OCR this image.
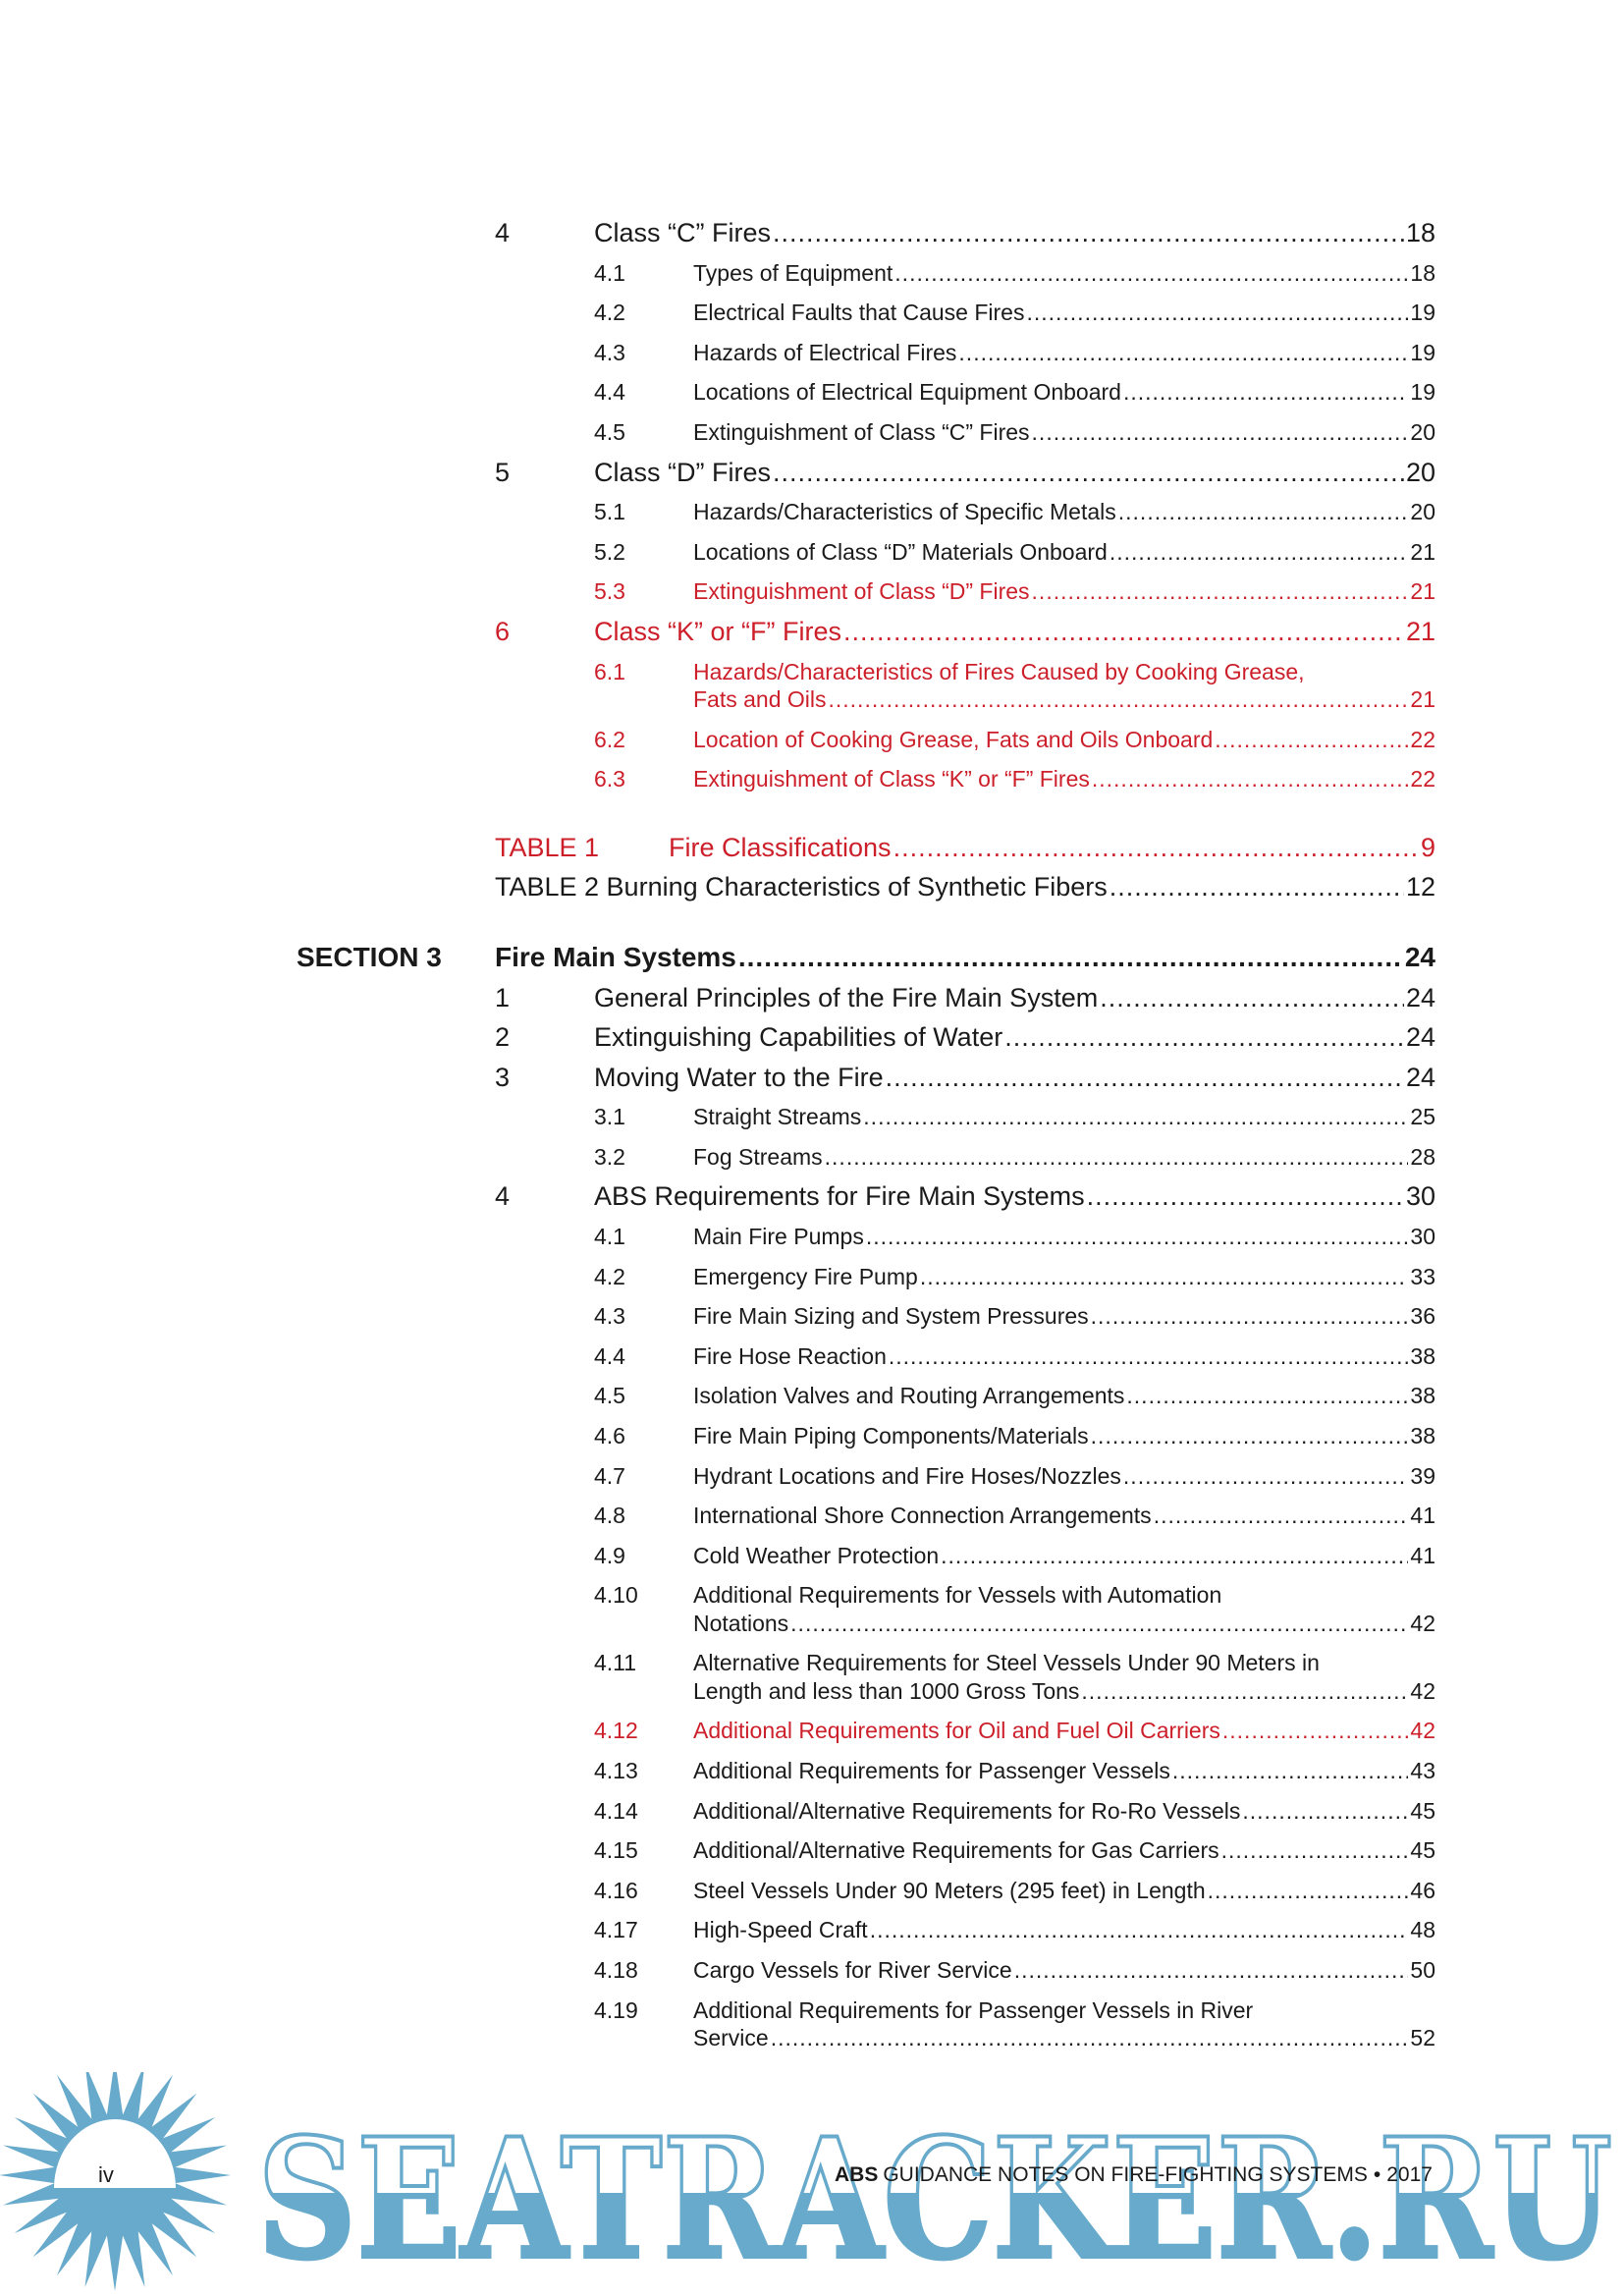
4	Class “C” Fires .....	18
4.1	Types of Equipment .....	18
4.2	Electrical Faults that Cause Fires .....	19
4.3	Hazards of Electrical Fires .....	19
4.4	Locations of Electrical Equipment Onboard .....	19
4.5	Extinguishment of Class “C” Fires .....	20
5	Class “D” Fires .....	20
5.1	Hazards/Characteristics of Specific Metals .....	20
5.2	Locations of Class “D” Materials Onboard .....	21
5.3	Extinguishment of Class “D” Fires .....	21
6	Class “K” or “F” Fires .....	21
6.1	Hazards/Characteristics of Fires Caused by Cooking Grease,
Fats and Oils .....	21
6.2	Location of Cooking Grease, Fats and Oils Onboard .....	22
6.3	Extinguishment of Class “K” or “F” Fires .....	22
TABLE 1	Fire Classifications .....	9
TABLE 2 Burning Characteristics of Synthetic Fibers .....	12
SECTION 3 Fire Main Systems .....	24
1	General Principles of the Fire Main System .....	24
2	Extinguishing Capabilities of Water .....	24
3	Moving Water to the Fire .....	24
3.1	Straight Streams .....	25
3.2	Fog Streams .....	28
4	ABS Requirements for Fire Main Systems .....	30
4.1	Main Fire Pumps .....	30
4.2	Emergency Fire Pump .....	33
4.3	Fire Main Sizing and System Pressures .....	36
4.4	Fire Hose Reaction .....	38
4.5	Isolation Valves and Routing Arrangements .....	38
4.6	Fire Main Piping Components/Materials .....	38
4.7	Hydrant Locations and Fire Hoses/Nozzles .....	39
4.8	International Shore Connection Arrangements .....	41
4.9	Cold Weather Protection .....	41
4.10 Additional Requirements for Vessels with Automation
Notations .....	42
4.11	Alternative Requirements for Steel Vessels Under 90 Meters in
Length and less than 1000 Gross Tons .....	42
4.12 Additional Requirements for Oil and Fuel Oil Carriers .....	42
4.13 Additional Requirements for Passenger Vessels .....	43
4.14 Additional/Alternative Requirements for Ro-Ro Vessels .....	45
4.15 Additional/Alternative Requirements for Gas Carriers .....	45
4.16 Steel Vessels Under 90 Meters (295 feet) in Length .....	46
4.17 High-Speed Craft .....	48
4.18 Cargo Vessels for River Service .....	50
4.19 Additional Requirements for Passenger Vessels in River
Service .....	52
SEATRACKER.RU
iv	ABS GUIDANCE NOTES ON FIRE-FIGHTING SYSTEMS • 2017
